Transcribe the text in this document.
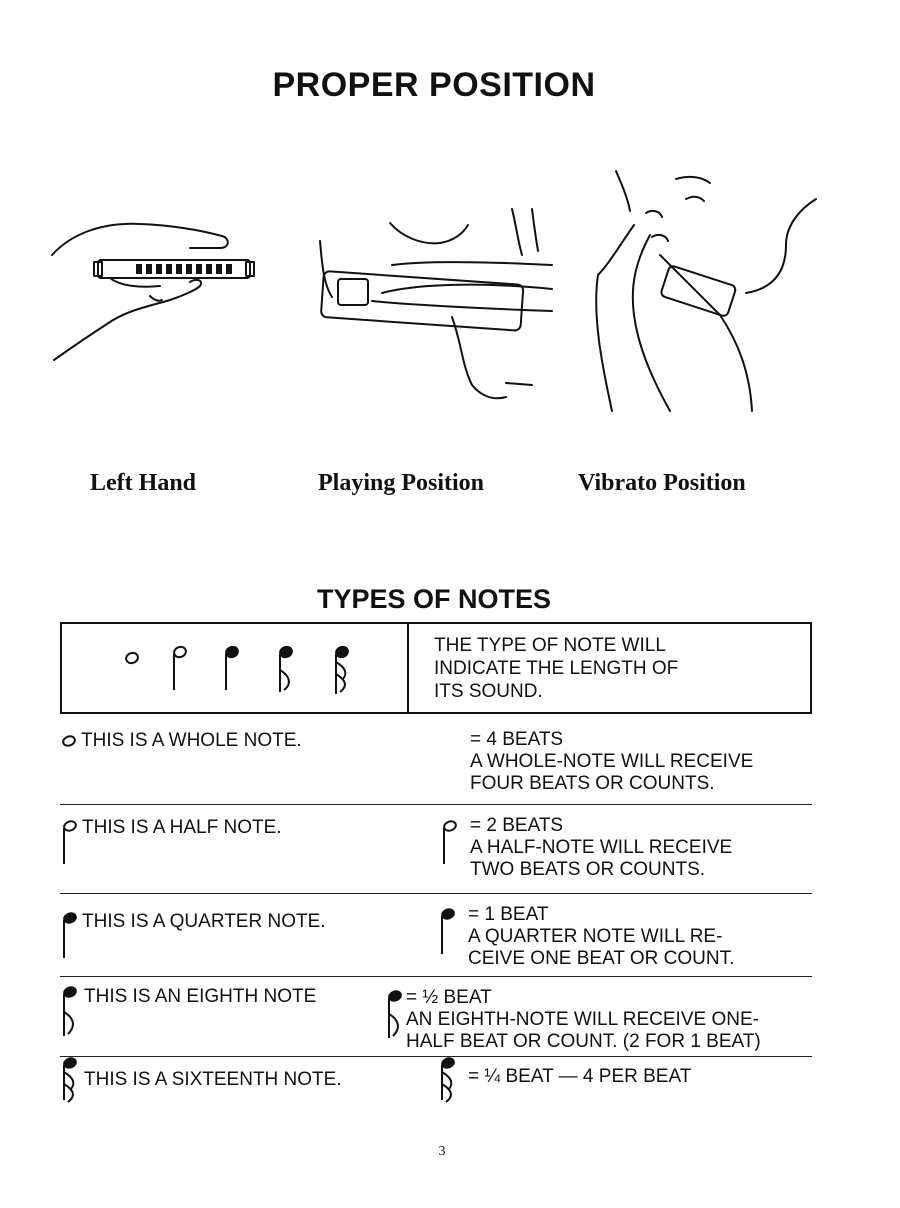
PROPER POSITION
Left Hand	Playing Position	Vibrato Position
TYPES OF NOTES
THE TYPE OF NOTE WILL
INDICATE THE LENGTH OF
ITS SOUND.
THIS IS A WHOLE NOTE.	= 4 BEATS
A WHOLE-NOTE WILL RECEIVE
FOUR BEATS OR COUNTS.
THIS IS A HALF NOTE.	= 2 BEATS
A HALF-NOTE WILL RECEIVE
TWO BEATS OR COUNTS.
THIS IS A QUARTER NOTE.	= 1 BEAT
A QUARTER NOTE WILL RE-
CEIVE ONE BEAT OR COUNT.
THIS IS AN EIGHTH NOTE	= ½ BEAT
AN EIGHTH-NOTE WILL RECEIVE ONE-
HALF BEAT OR COUNT. (2 FOR 1 BEAT)
THIS IS A SIXTEENTH NOTE.	= ¼ BEAT — 4 PER BEAT
3
